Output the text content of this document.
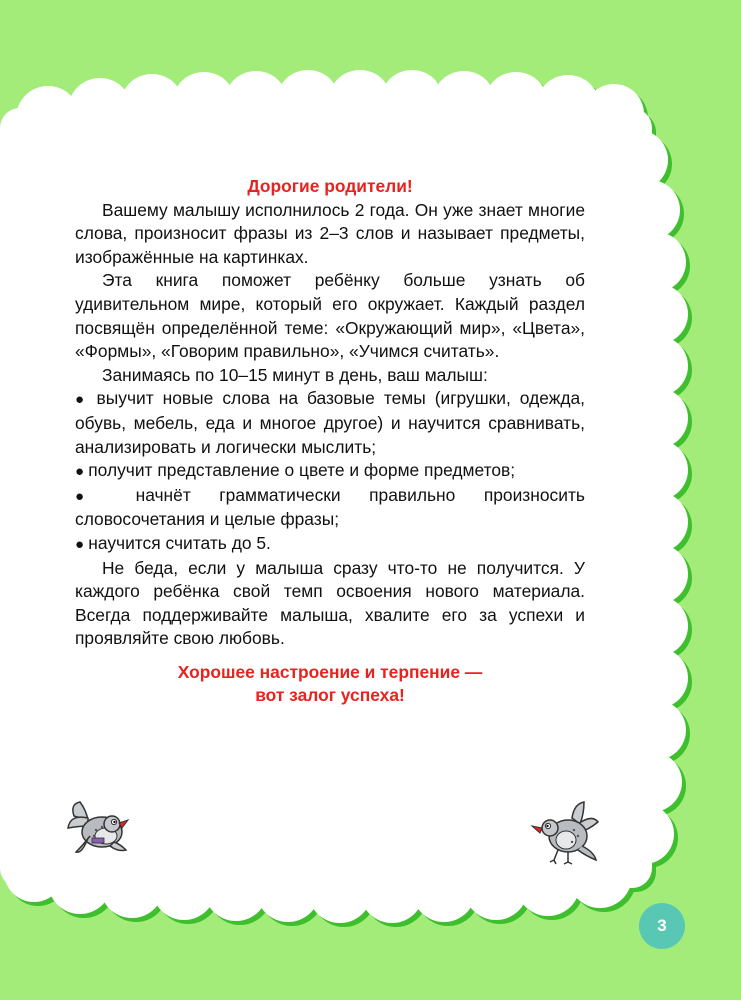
Дорогие родители!

Вашему малышу исполнилось 2 года. Он уже знает многие слова, произносит фразы из 2–3 слов и называет предметы, изображённые на картинках.

Эта книга поможет ребёнку больше узнать об удивительном мире, который его окружает. Каждый раздел посвящён определённой теме: «Окружающий мир», «Цвета», «Формы», «Говорим правильно», «Учимся считать».

Занимаясь по 10–15 минут в день, ваш малыш:

● выучит новые слова на базовые темы (игрушки, одежда, обувь, мебель, еда и многое другое) и научится сравнивать, анализировать и логически мыслить;

● получит представление о цвете и форме предметов;

● начнёт грамматически правильно произносить словосочетания и целые фразы;

● научится считать до 5.

Не беда, если у малыша сразу что-то не получится. У каждого ребёнка свой темп освоения нового материала. Всегда поддерживайте малыша, хвалите его за успехи и проявляйте свою любовь.

Хорошее настроение и терпение —
вот залог успеха!
3
